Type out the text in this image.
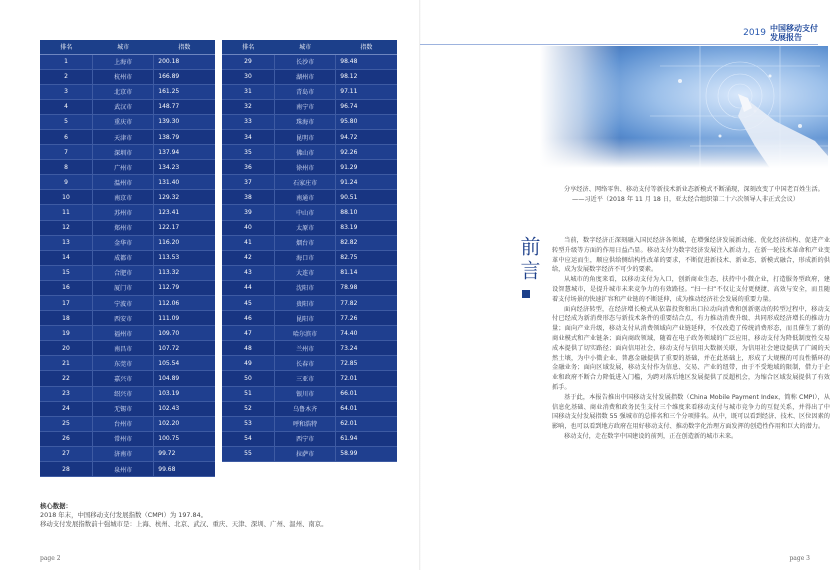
排名	城市	指数
1	上海市	200.18
2	杭州市	166.89
3	北京市	161.25
4	武汉市	148.77
5	重庆市	139.30
6	天津市	138.79
7	深圳市	137.94
8	广州市	134.23
9	温州市	131.40
10	南京市	129.32
11	苏州市	123.41
12	郑州市	122.17
13	金华市	116.20
14	成都市	113.53
15	合肥市	113.32
16	厦门市	112.79
17	宁波市	112.06
18	西安市	111.09
19	福州市	109.70
20	南昌市	107.72
21	东莞市	105.54
22	嘉兴市	104.89
23	绍兴市	103.19
24	无锡市	102.43
25	台州市	102.20
26	常州市	100.75
27	济南市	99.72
28	泉州市	99.68
排名	城市	指数
29	长沙市	98.48
30	湖州市	98.12
31	青岛市	97.11
32	南宁市	96.74
33	珠海市	95.80
34	昆明市	94.72
35	佛山市	92.26
36	徐州市	91.29
37	石家庄市	91.24
38	南通市	90.51
39	中山市	88.10
40	太原市	83.19
41	烟台市	82.82
42	海口市	82.75
43	大连市	81.14
44	沈阳市	78.98
45	贵阳市	77.82
46	昆阳市	77.26
47	哈尔滨市	74.40
48	兰州市	73.24
49	长春市	72.85
50	三亚市	72.01
51	银川市	66.01
52	乌鲁木齐	64.01
53	呼和浩特	62.01
54	西宁市	61.94
55	拉萨市	58.99
核心数据：
2018 年末，中国移动支付发展指数（CMPI）为 197.84。
移动支付发展指数前十强城市是：上海、杭州、北京、武汉、重庆、天津、深圳、广州、温州、南京。
page 2
2019 中国移动支付
发展报告

分享经济、网络零售、移动支付等新技术新业态新模式不断涌现，深刻改变了中国老百姓生活。

——习近平（2018 年 11 月 18 日，亚太经合组织第二十六次领导人非正式会议）

前言	当前，数字经济正深刻融入国民经济各领域，在增强经济发展新动能、优化经济结构、促进产业转型升级等方面的作用日益凸显。移动支付为数字经济发展注入新动力，在新一轮技术革命和产业变革中应运而生，顺应供给侧结构性改革的要求，不断促进新技术、新业态、新模式融合，形成新的供给，成为发展数字经济不可少的要素。

从城市的角度来看，以移动支付为入口，创新商业生态，扶持中小微企业，打造服务型政府，建设智慧城市，是提升城市未来竞争力的有效路径。“扫一扫”不仅让支付更便捷、高效与安全，而且随着支付场景的快速扩容和产业链的不断延伸，成为推动经济社会发展的重要力量。

面向经济转型，在经济增长模式从依靠投资和出口拉动向消费和创新驱动的转型过程中，移动支付已经成为新消费形态与新技术条件的重要结合点，有力推动消费升级、共同形成经济增长的推动力量；面向产业升级，移动支付从消费领域向产业链延伸，不仅改造了传统消费形态，而且催生了新的商业模式和产业链条；面向商政领域，随着在电子政务领域的广泛应用，移动支付为降低制度性交易成本提供了切实路径；面向信用社会，移动支付与信用大数据关联，为信用社会建设提供了广阔的天然土壤，为中小微企业、普惠金融提供了重要的基础，并在此基础上，形成了大规模的可良性循环的金融业务；面向区域发展，移动支付作为信息、交易、产业的纽带，由于不受地域的限制，借力于企业和政府不断合力降低进入门槛，为跨对落后地区发展提供了反超机会，为缩合区域发展提供了有效抓手。

基于此，本报告推出中国移动支付发展指数（China Mobile Payment Index，简称 CMPI），从信息化基础、商业消费和政务民生支付三个维度来看移动支付与城市竞争力的互促关系，并得出了中国移动支付发展指数 55 强城市的总排名和三个分项排名。从中，既可以看到经济、技术、区位因素的影响，也可以看到地方政府在用好移动支付、推动数字化治理方面发挥的创造性作用和巨大的潜力。

移动支付，走在数字中国建设的前列，正在创造新的城市未来。

page 3
